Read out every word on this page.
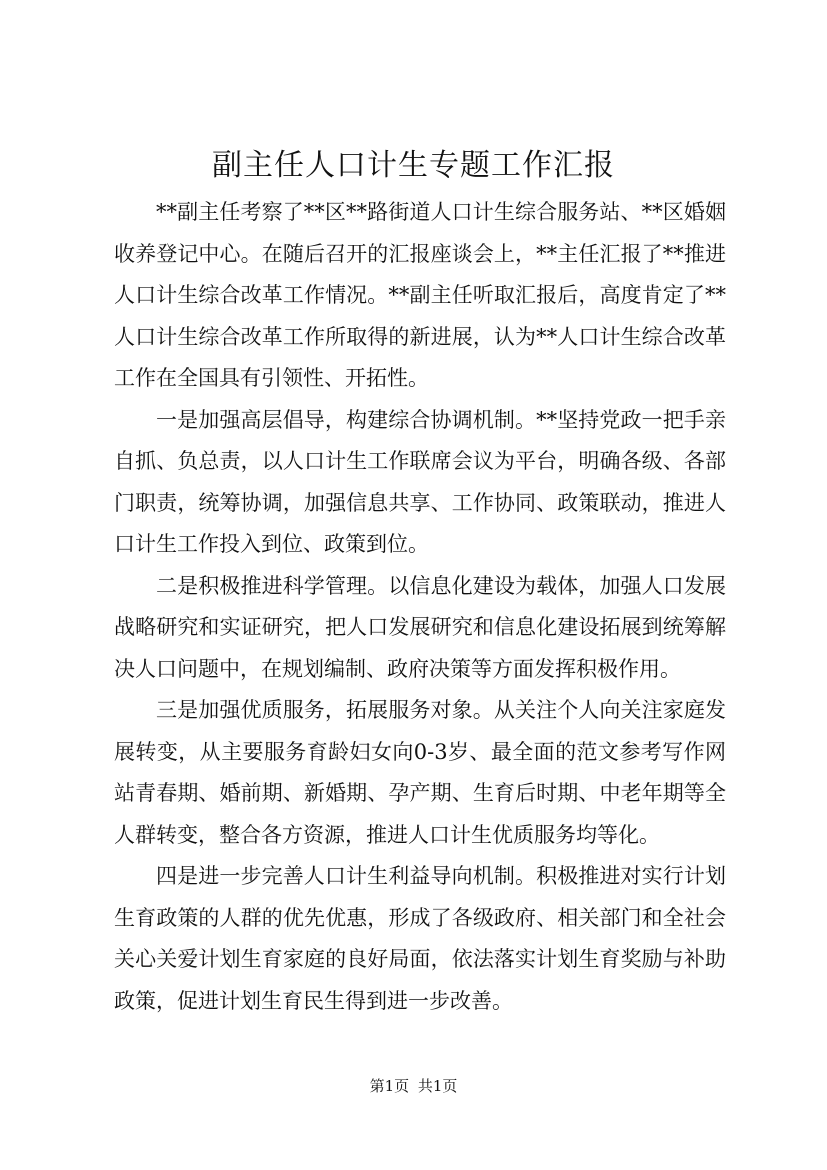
副主任人口计生专题工作汇报

**副主任考察了**区**路街道人口计生综合服务站、**区婚姻收养登记中心。在随后召开的汇报座谈会上，**主任汇报了**推进人口计生综合改革工作情况。**副主任听取汇报后，高度肯定了**人口计生综合改革工作所取得的新进展，认为**人口计生综合改革工作在全国具有引领性、开拓性。

一是加强高层倡导，构建综合协调机制。**坚持党政一把手亲自抓、负总责，以人口计生工作联席会议为平台，明确各级、各部门职责，统筹协调，加强信息共享、工作协同、政策联动，推进人口计生工作投入到位、政策到位。

二是积极推进科学管理。以信息化建设为载体，加强人口发展战略研究和实证研究，把人口发展研究和信息化建设拓展到统筹解决人口问题中，在规划编制、政府决策等方面发挥积极作用。

三是加强优质服务，拓展服务对象。从关注个人向关注家庭发展转变，从主要服务育龄妇女向0-3岁、最全面的范文参考写作网站青春期、婚前期、新婚期、孕产期、生育后时期、中老年期等全人群转变，整合各方资源，推进人口计生优质服务均等化。

四是进一步完善人口计生利益导向机制。积极推进对实行计划生育政策的人群的优先优惠，形成了各级政府、相关部门和全社会关心关爱计划生育家庭的良好局面，依法落实计划生育奖励与补助政策，促进计划生育民生得到进一步改善。

第1页 共1页
